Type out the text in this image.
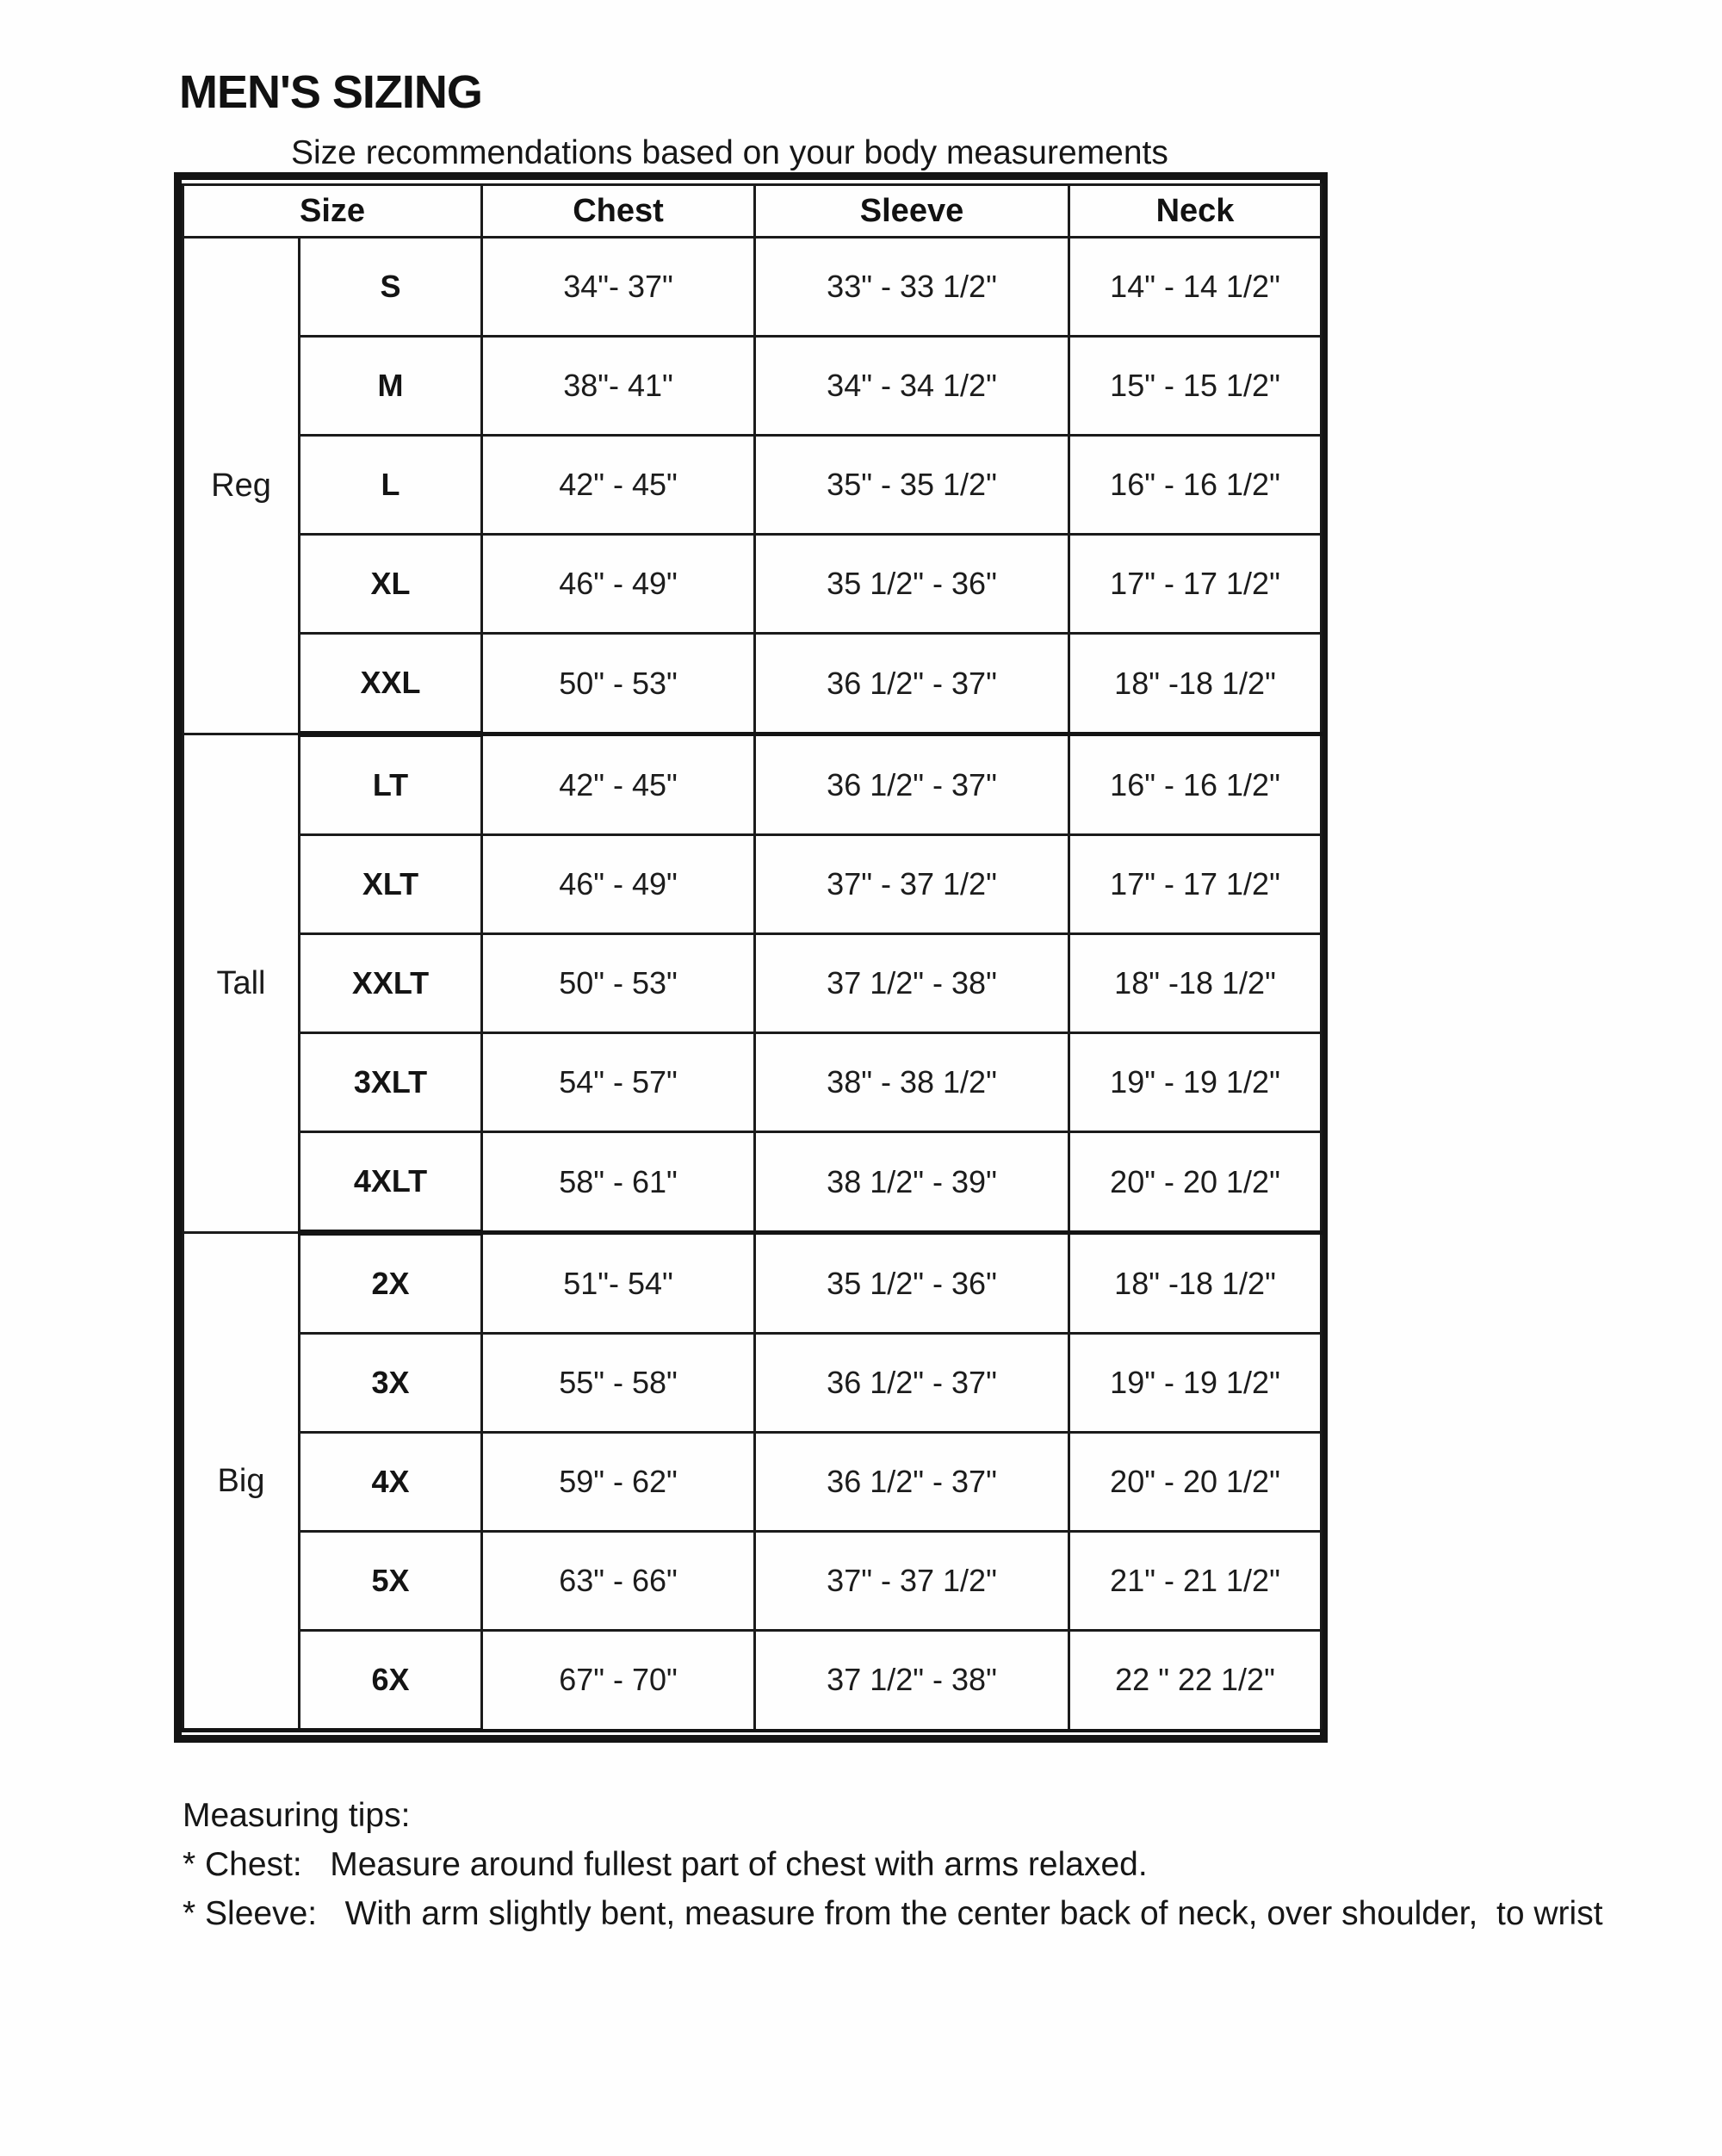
MEN'S SIZING
Size recommendations based on your body measurements
Size		Chest	Sleeve	Neck
Reg	S	34"- 37"	33" - 33 1/2"	14" - 14 1/2"
	M	38"- 41"	34" - 34 1/2"	15" - 15 1/2"
	L	42" - 45"	35" - 35 1/2"	16" - 16 1/2"
	XL	46" - 49"	35 1/2" - 36"	17" - 17 1/2"
	XXL	50" - 53"	36 1/2" - 37"	18" -18 1/2"
Tall	LT	42" - 45"	36 1/2" - 37"	16" - 16 1/2"
	XLT	46" - 49"	37" - 37 1/2"	17" - 17 1/2"
	XXLT	50" - 53"	37 1/2" - 38"	18" -18 1/2"
	3XLT	54" - 57"	38" - 38 1/2"	19" - 19 1/2"
	4XLT	58" - 61"	38 1/2" - 39"	20" - 20 1/2"
Big	2X	51"- 54"	35 1/2" - 36"	18" -18 1/2"
	3X	55" - 58"	36 1/2" - 37"	19" - 19 1/2"
	4X	59" - 62"	36 1/2" - 37"	20" - 20 1/2"
	5X	63" - 66"	37" - 37 1/2"	21" - 21 1/2"
	6X	67" - 70"	37 1/2" - 38"	22 " 22 1/2"
Measuring tips:
* Chest:   Measure around fullest part of chest with arms relaxed.
* Sleeve:   With arm slightly bent, measure from the center back of neck, over shoulder,  to wrist
